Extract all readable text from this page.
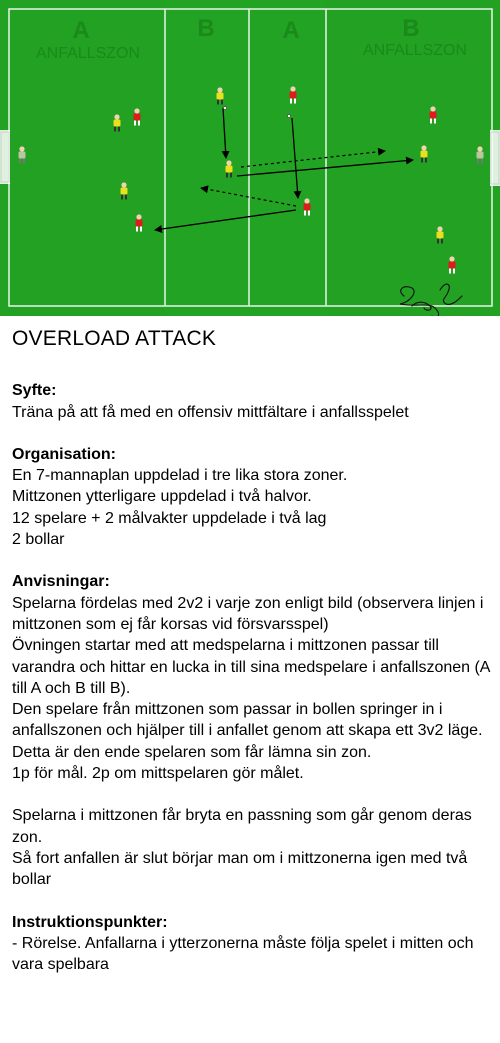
A
ANFALLSZON
B	A	B
ANFALLSZON
OVERLOAD ATTACK
Syfte:
Träna på att få med en offensiv mittfältare i anfallsspelet
Organisation:
En 7-mannaplan uppdelad i tre lika stora zoner.
Mittzonen ytterligare uppdelad i två halvor.
12 spelare + 2 målvakter uppdelade i två lag
2 bollar
Anvisningar:
Spelarna fördelas med 2v2 i varje zon enligt bild (observera linjen i mittzonen som ej får korsas vid försvarsspel)
Övningen startar med att medspelarna i mittzonen passar till varandra och hittar en lucka in till sina medspelare i anfallszonen (A till A och B till B).
Den spelare från mittzonen som passar in bollen springer in i anfallszonen och hjälper till i anfallet genom att skapa ett 3v2 läge. Detta är den ende spelaren som får lämna sin zon.
1p för mål. 2p om mittspelaren gör målet.
Spelarna i mittzonen får bryta en passning som går genom deras zon.
Så fort anfallen är slut börjar man om i mittzonerna igen med två bollar
Instruktionspunkter:
- Rörelse. Anfallarna i ytterzonerna måste följa spelet i mitten och vara spelbara
